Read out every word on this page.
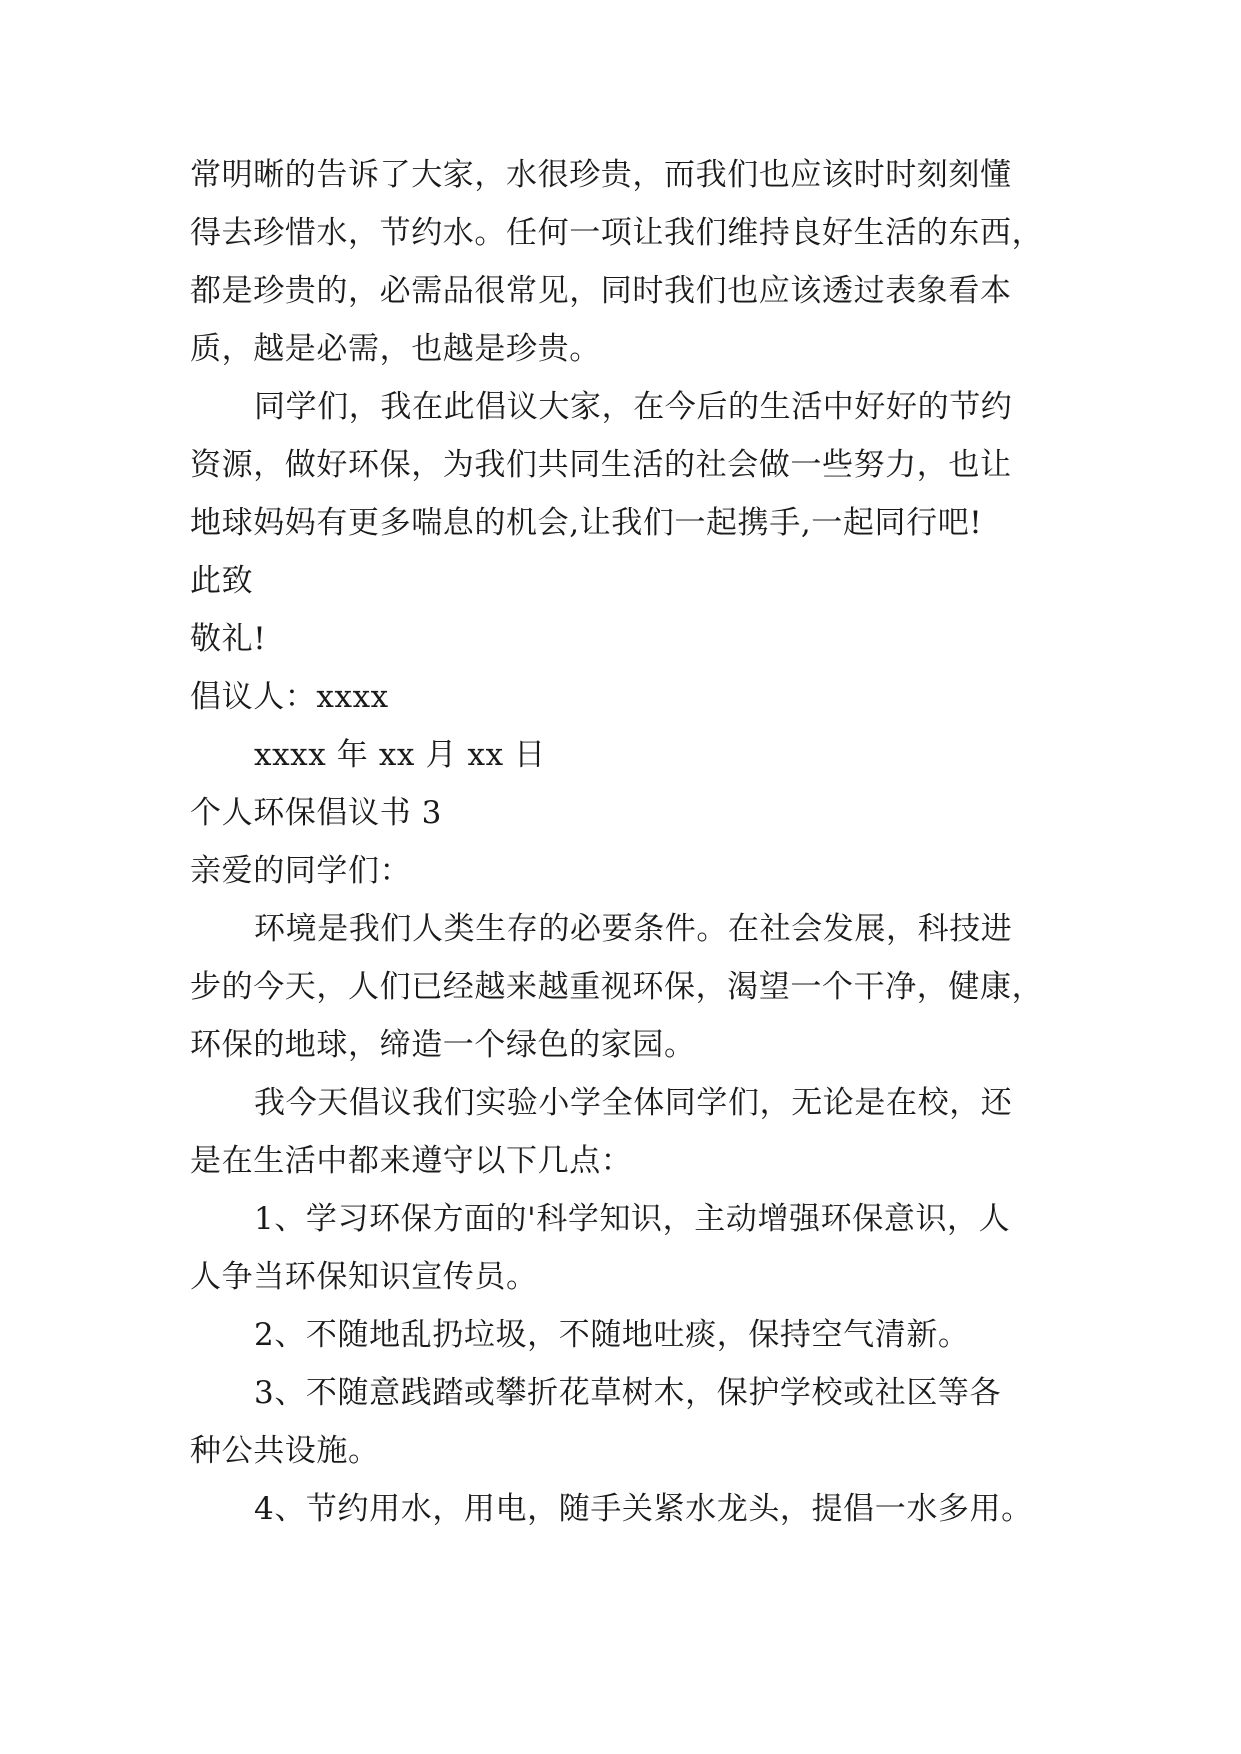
常明晰的告诉了大家，水很珍贵，而我们也应该时时刻刻懂
得去珍惜水，节约水。任何一项让我们维持良好生活的东西，
都是珍贵的，必需品很常见，同时我们也应该透过表象看本
质，越是必需，也越是珍贵。
同学们，我在此倡议大家，在今后的生活中好好的节约
资源，做好环保，为我们共同生活的社会做一些努力，也让
地球妈妈有更多喘息的机会,让我们一起携手,一起同行吧!
此致
敬礼!
倡议人：xxxx
xxxx 年 xx 月 xx 日
个人环保倡议书 3
亲爱的同学们：
环境是我们人类生存的必要条件。在社会发展，科技进
步的今天，人们已经越来越重视环保，渴望一个干净，健康，
环保的地球，缔造一个绿色的家园。
我今天倡议我们实验小学全体同学们，无论是在校，还
是在生活中都来遵守以下几点：
1、学习环保方面的'科学知识，主动增强环保意识，人
人争当环保知识宣传员。
2、不随地乱扔垃圾，不随地吐痰，保持空气清新。
3、不随意践踏或攀折花草树木，保护学校或社区等各
种公共设施。
4、节约用水，用电，随手关紧水龙头，提倡一水多用。
